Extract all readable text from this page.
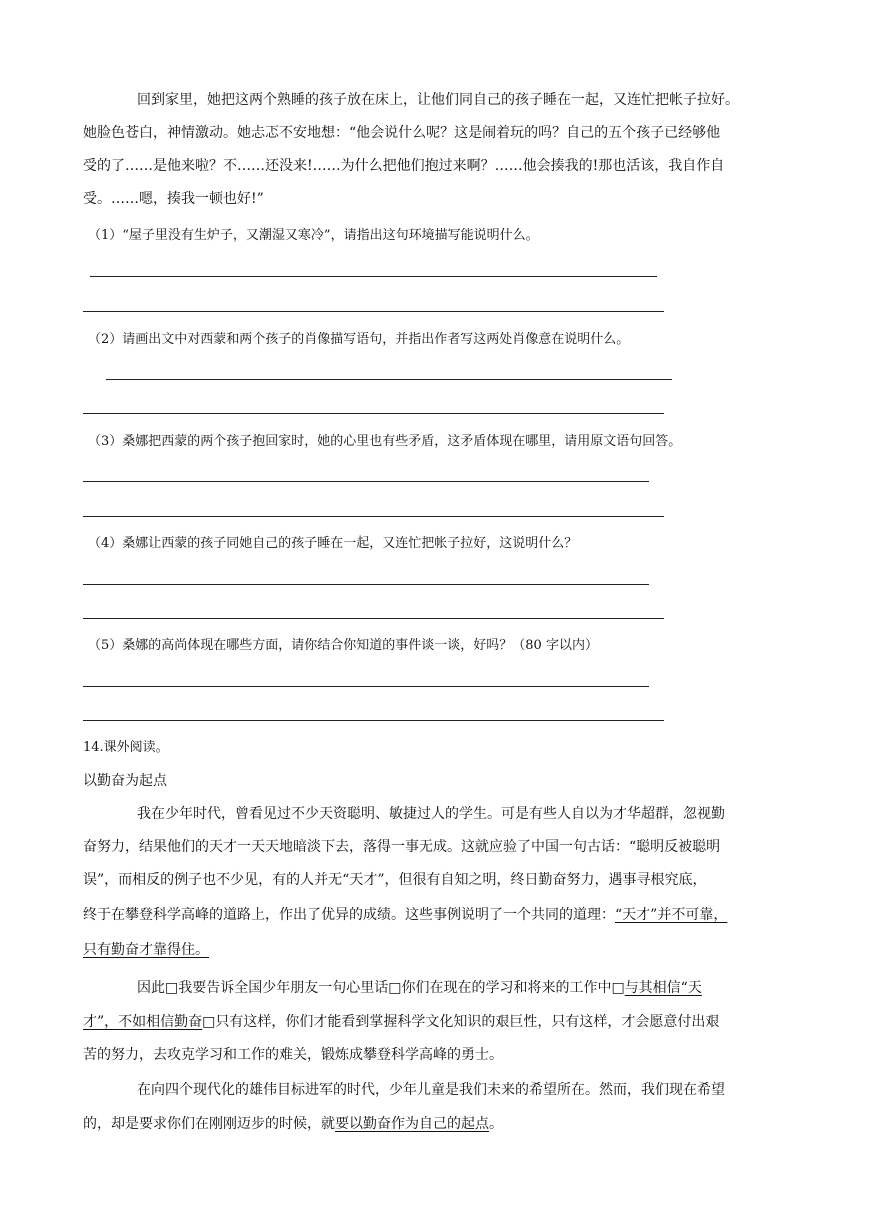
回到家里，她把这两个熟睡的孩子放在床上，让他们同自己的孩子睡在一起，又连忙把帐子拉好。
她脸色苍白，神情激动。她忐忑不安地想：“他会说什么呢？这是闹着玩的吗？自己的五个孩子已经够他
受的了……是他来啦？不……还没来!……为什么把他们抱过来啊？……他会揍我的!那也活该，我自作自
受。……嗯，揍我一顿也好!”
（1）“屋子里没有生炉子，又潮湿又寒冷”，请指出这句环境描写能说明什么。
（2）请画出文中对西蒙和两个孩子的肖像描写语句，并指出作者写这两处肖像意在说明什么。
（3）桑娜把西蒙的两个孩子抱回家时，她的心里也有些矛盾，这矛盾体现在哪里，请用原文语句回答。
（4）桑娜让西蒙的孩子同她自己的孩子睡在一起，又连忙把帐子拉好，这说明什么？
（5）桑娜的高尚体现在哪些方面，请你结合你知道的事件谈一谈，好吗？（80 字以内）
14.课外阅读。
以勤奋为起点
我在少年时代，曾看见过不少天资聪明、敏捷过人的学生。可是有些人自以为才华超群，忽视勤
奋努力，结果他们的天才一天天地暗淡下去，落得一事无成。这就应验了中国一句古话：“聪明反被聪明
误”，而相反的例子也不少见，有的人并无“天才”，但很有自知之明，终日勤奋努力，遇事寻根究底，
终于在攀登科学高峰的道路上，作出了优异的成绩。这些事例说明了一个共同的道理：“天才”并不可靠，
只有勤奋才靠得住。
因此□我要告诉全国少年朋友一句心里话□你们在现在的学习和将来的工作中□与其相信“天
才”，不如相信勤奋□只有这样，你们才能看到掌握科学文化知识的艰巨性，只有这样，才会愿意付出艰
苦的努力，去攻克学习和工作的难关，锻炼成攀登科学高峰的勇士。
在向四个现代化的雄伟目标进军的时代，少年儿童是我们未来的希望所在。然而，我们现在希望
的，却是要求你们在刚刚迈步的时候，就要以勤奋作为自己的起点。
